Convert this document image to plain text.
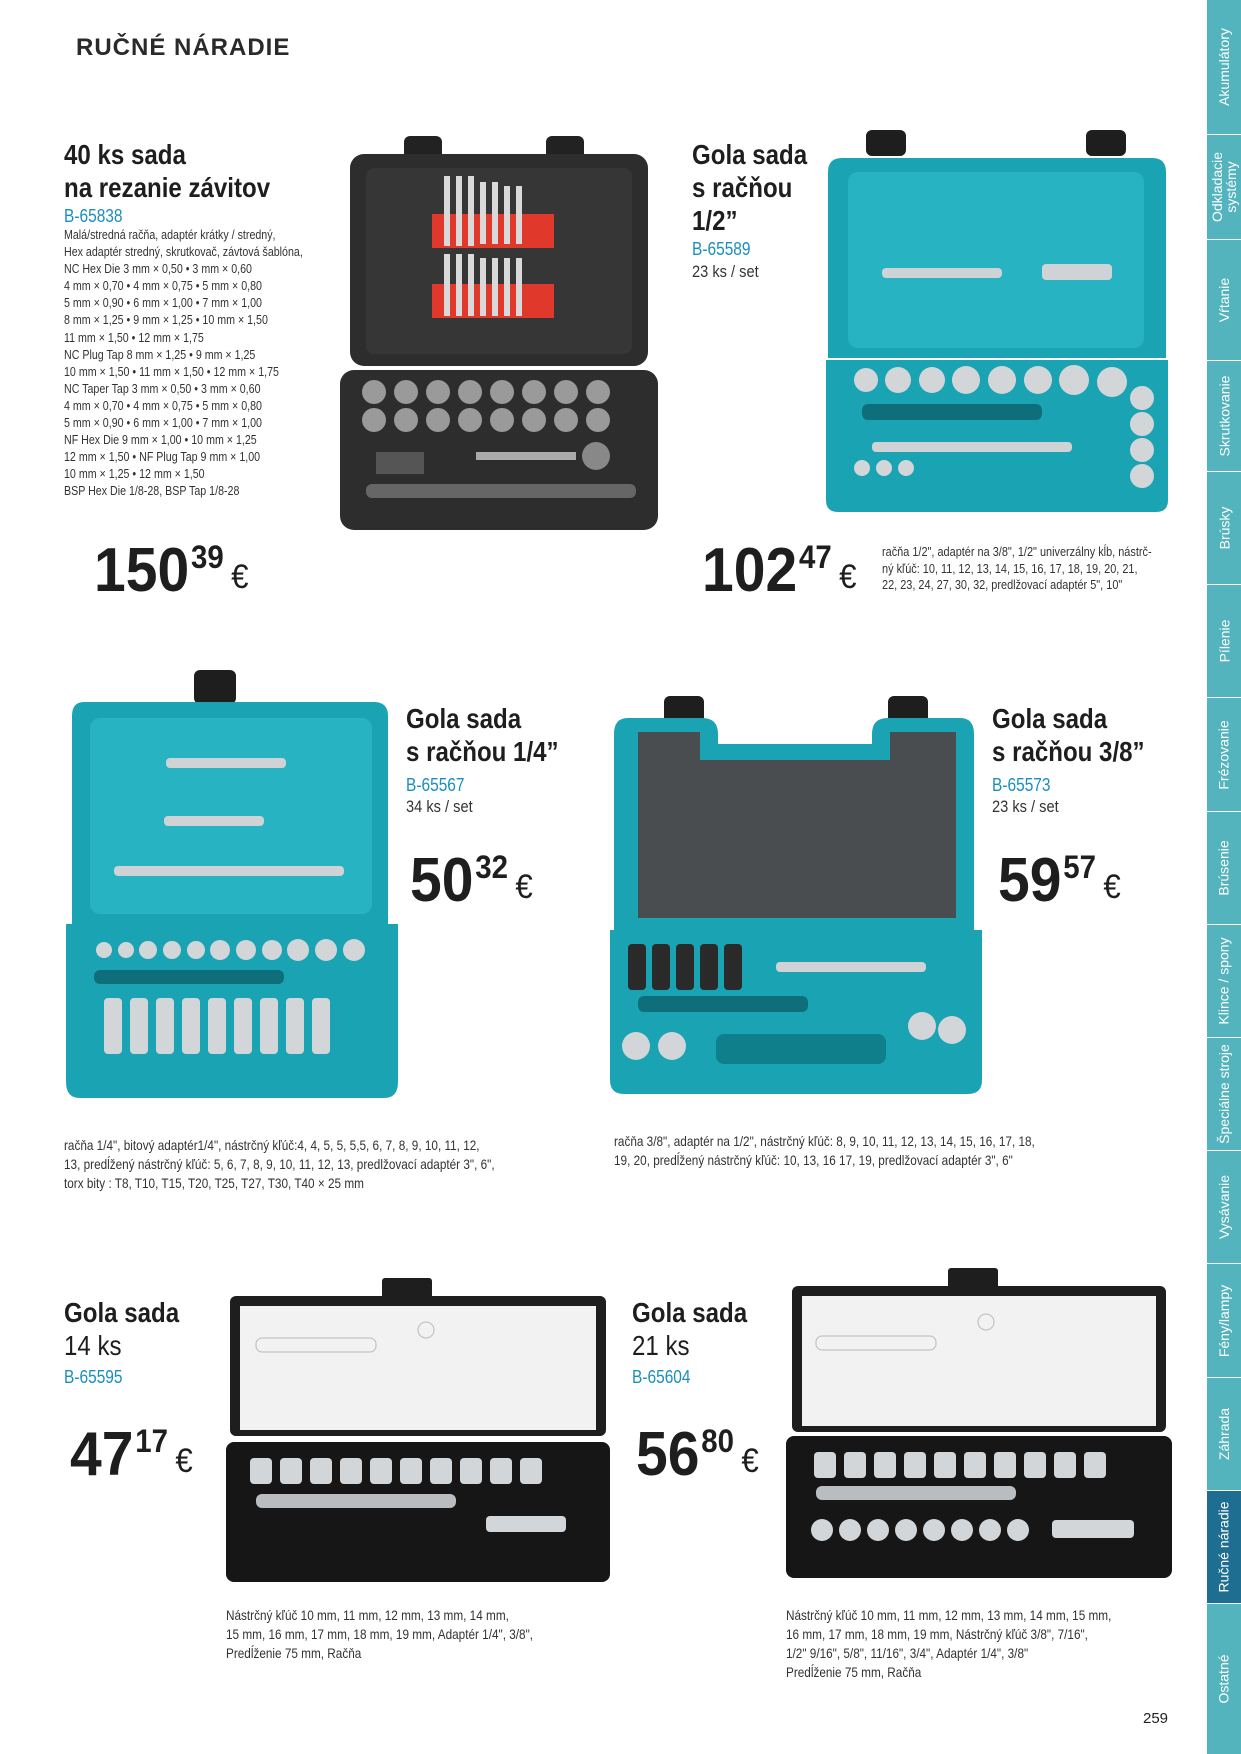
RUČNÉ NÁRADIE	Akumulátory
Odkladacie systémy
Vŕtanie
Skrutkovanie
Brúsky
Pílenie
Frézovanie
Brúsenie
Klince / spony
Špeciálne stroje
Vysávanie
Fény/lampy
Záhrada
Ručné náradie
Ostatné
40 ks sada
na rezanie závitov
B-65838
Malá/stredná račňa, adaptér krátky / stredný,
Hex adaptér stredný, skrutkovač, závtová šablóna,
NC Hex Die 3 mm × 0,50 • 3 mm × 0,60
4 mm × 0,70 • 4 mm × 0,75 • 5 mm × 0,80
5 mm × 0,90 • 6 mm × 1,00 • 7 mm × 1,00
8 mm × 1,25 • 9 mm × 1,25 • 10 mm × 1,50
11 mm × 1,50 • 12 mm × 1,75
NC Plug Tap 8 mm × 1,25 • 9 mm × 1,25
10 mm × 1,50 • 11 mm × 1,50 • 12 mm × 1,75
NC Taper Tap 3 mm × 0,50 • 3 mm × 0,60
4 mm × 0,70 • 4 mm × 0,75 • 5 mm × 0,80
5 mm × 0,90 • 6 mm × 1,00 • 7 mm × 1,00
NF Hex Die 9 mm × 1,00 • 10 mm × 1,25
12 mm × 1,50 • NF Plug Tap 9 mm × 1,00
10 mm × 1,25 • 12 mm × 1,50
BSP Hex Die 1/8-28, BSP Tap 1/8-28
15039€
Gola sada
s račňou
1/2”
B-65589
23 ks / set
10247€
račňa 1/2", adaptér na 3/8", 1/2" univerzálny kĺb, nástrč-
ný kľúč: 10, 11, 12, 13, 14, 15, 16, 17, 18, 19, 20, 21,
22, 23, 24, 27, 30, 32, predlžovací adaptér 5", 10"
Gola sada
s račňou 1/4”
B-65567
34 ks / set
5032€
račňa 1/4", bitový adaptér1/4", nástrčný kľúč:4, 4, 5, 5, 5,5, 6, 7, 8, 9, 10, 11, 12,
13, predĺžený nástrčný kľúč: 5, 6, 7, 8, 9, 10, 11, 12, 13, predlžovací adaptér 3", 6",
torx bity : T8, T10, T15, T20, T25, T27, T30, T40 × 25 mm
Gola sada
s račňou 3/8”
B-65573
23 ks / set
5957€
račňa 3/8", adaptér na 1/2", nástrčný kľúč: 8, 9, 10, 11, 12, 13, 14, 15, 16, 17, 18,
19, 20, predĺžený nástrčný kľúč: 10, 13, 16 17, 19, predlžovací adaptér 3", 6"
Gola sada
14 ks
B-65595
4717€
Nástrčný kľúč 10 mm, 11 mm, 12 mm, 13 mm, 14 mm,
15 mm, 16 mm, 17 mm, 18 mm, 19 mm, Adaptér 1/4", 3/8",
Predĺženie 75 mm, Račňa
Gola sada
21 ks
B-65604
5680€
Nástrčný kľúč 10 mm, 11 mm, 12 mm, 13 mm, 14 mm, 15 mm,
16 mm, 17 mm, 18 mm, 19 mm, Nástrčný kľúč 3/8", 7/16",
1/2" 9/16", 5/8", 11/16", 3/4", Adaptér 1/4", 3/8"
Predĺženie 75 mm, Račňa
259
